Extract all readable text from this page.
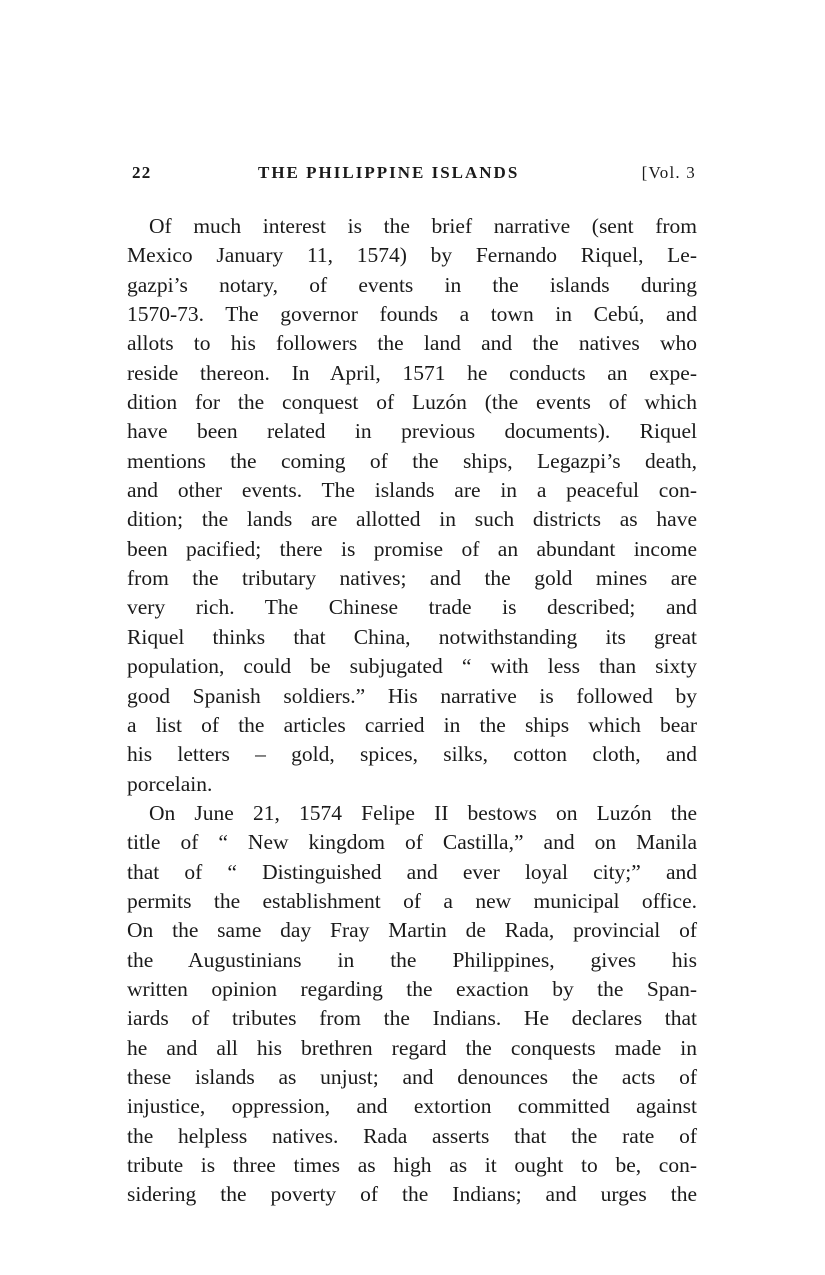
22	THE PHILIPPINE ISLANDS	[Vol. 3
Of much interest is the brief narrative (sent from
Mexico January 11, 1574) by Fernando Riquel, Le-
gazpi’s notary, of events in the islands during
1570-73. The governor founds a town in Cebú, and
allots to his followers the land and the natives who
reside thereon. In April, 1571 he conducts an expe-
dition for the conquest of Luzón (the events of which
have been related in previous documents). Riquel
mentions the coming of the ships, Legazpi’s death,
and other events. The islands are in a peaceful con-
dition; the lands are allotted in such districts as have
been pacified; there is promise of an abundant income
from the tributary natives; and the gold mines are
very rich. The Chinese trade is described; and
Riquel thinks that China, notwithstanding its great
population, could be subjugated “ with less than sixty
good Spanish soldiers.” His narrative is followed by
a list of the articles carried in the ships which bear
his letters – gold, spices, silks, cotton cloth, and
porcelain.
On June 21, 1574 Felipe II bestows on Luzón the
title of “ New kingdom of Castilla,” and on Manila
that of “ Distinguished and ever loyal city;” and
permits the establishment of a new municipal office.
On the same day Fray Martin de Rada, provincial of
the Augustinians in the Philippines, gives his
written opinion regarding the exaction by the Span-
iards of tributes from the Indians. He declares that
he and all his brethren regard the conquests made in
these islands as unjust; and denounces the acts of
injustice, oppression, and extortion committed against
the helpless natives. Rada asserts that the rate of
tribute is three times as high as it ought to be, con-
sidering the poverty of the Indians; and urges the
